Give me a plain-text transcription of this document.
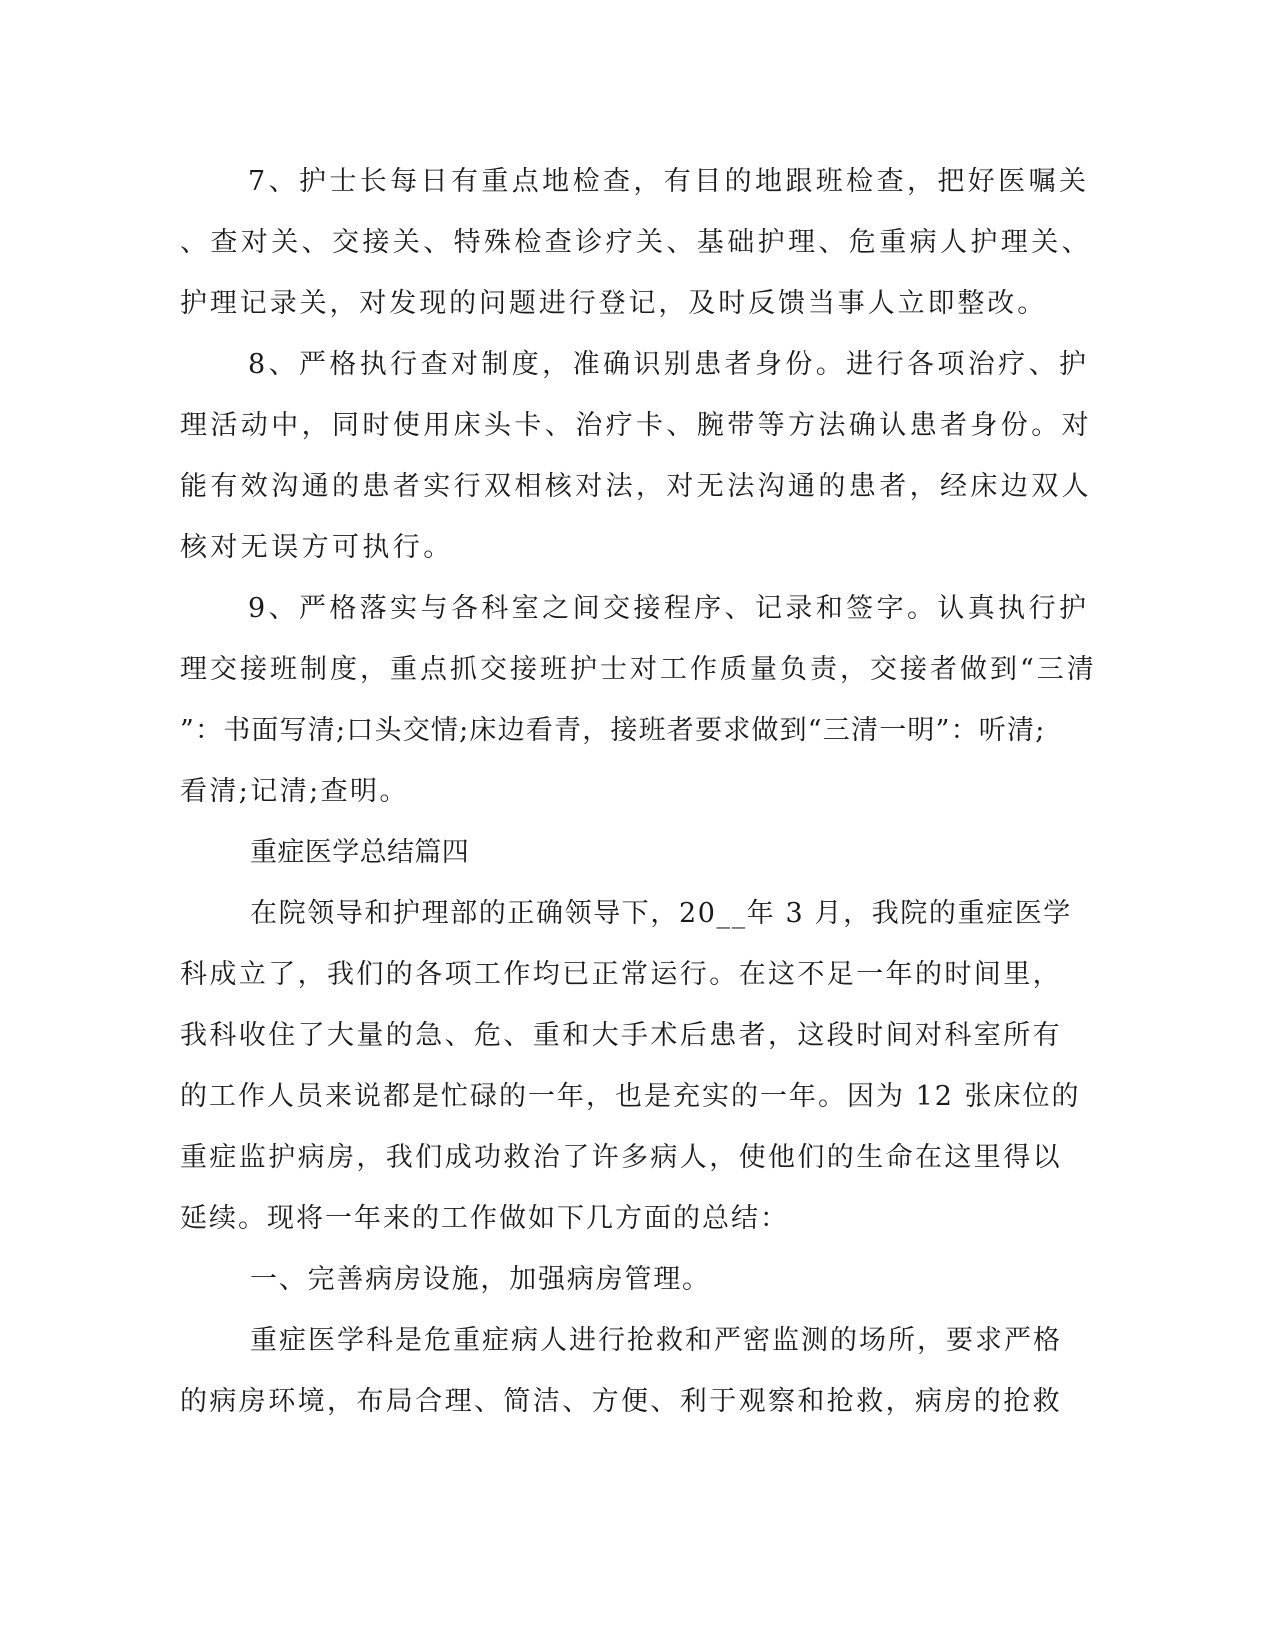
7、护士长每日有重点地检查，有目的地跟班检查，把好医嘱关

、查对关、交接关、特殊检查诊疗关、基础护理、危重病人护理关、

护理记录关，对发现的问题进行登记，及时反馈当事人立即整改。

8、严格执行查对制度，准确识别患者身份。进行各项治疗、护

理活动中，同时使用床头卡、治疗卡、腕带等方法确认患者身份。对

能有效沟通的患者实行双相核对法，对无法沟通的患者，经床边双人

核对无误方可执行。

9、严格落实与各科室之间交接程序、记录和签字。认真执行护

理交接班制度，重点抓交接班护士对工作质量负责，交接者做到“三清

”：书面写清;口头交情;床边看青，接班者要求做到“三清一明”：听清;

看清;记清;查明。

重症医学总结篇四

在院领导和护理部的正确领导下，20__年 3 月，我院的重症医学

科成立了，我们的各项工作均已正常运行。在这不足一年的时间里，

我科收住了大量的急、危、重和大手术后患者，这段时间对科室所有

的工作人员来说都是忙碌的一年，也是充实的一年。因为 12 张床位的

重症监护病房，我们成功救治了许多病人，使他们的生命在这里得以

延续。现将一年来的工作做如下几方面的总结：

一、完善病房设施，加强病房管理。

重症医学科是危重症病人进行抢救和严密监测的场所，要求严格

的病房环境，布局合理、简洁、方便、利于观察和抢救，病房的抢救
